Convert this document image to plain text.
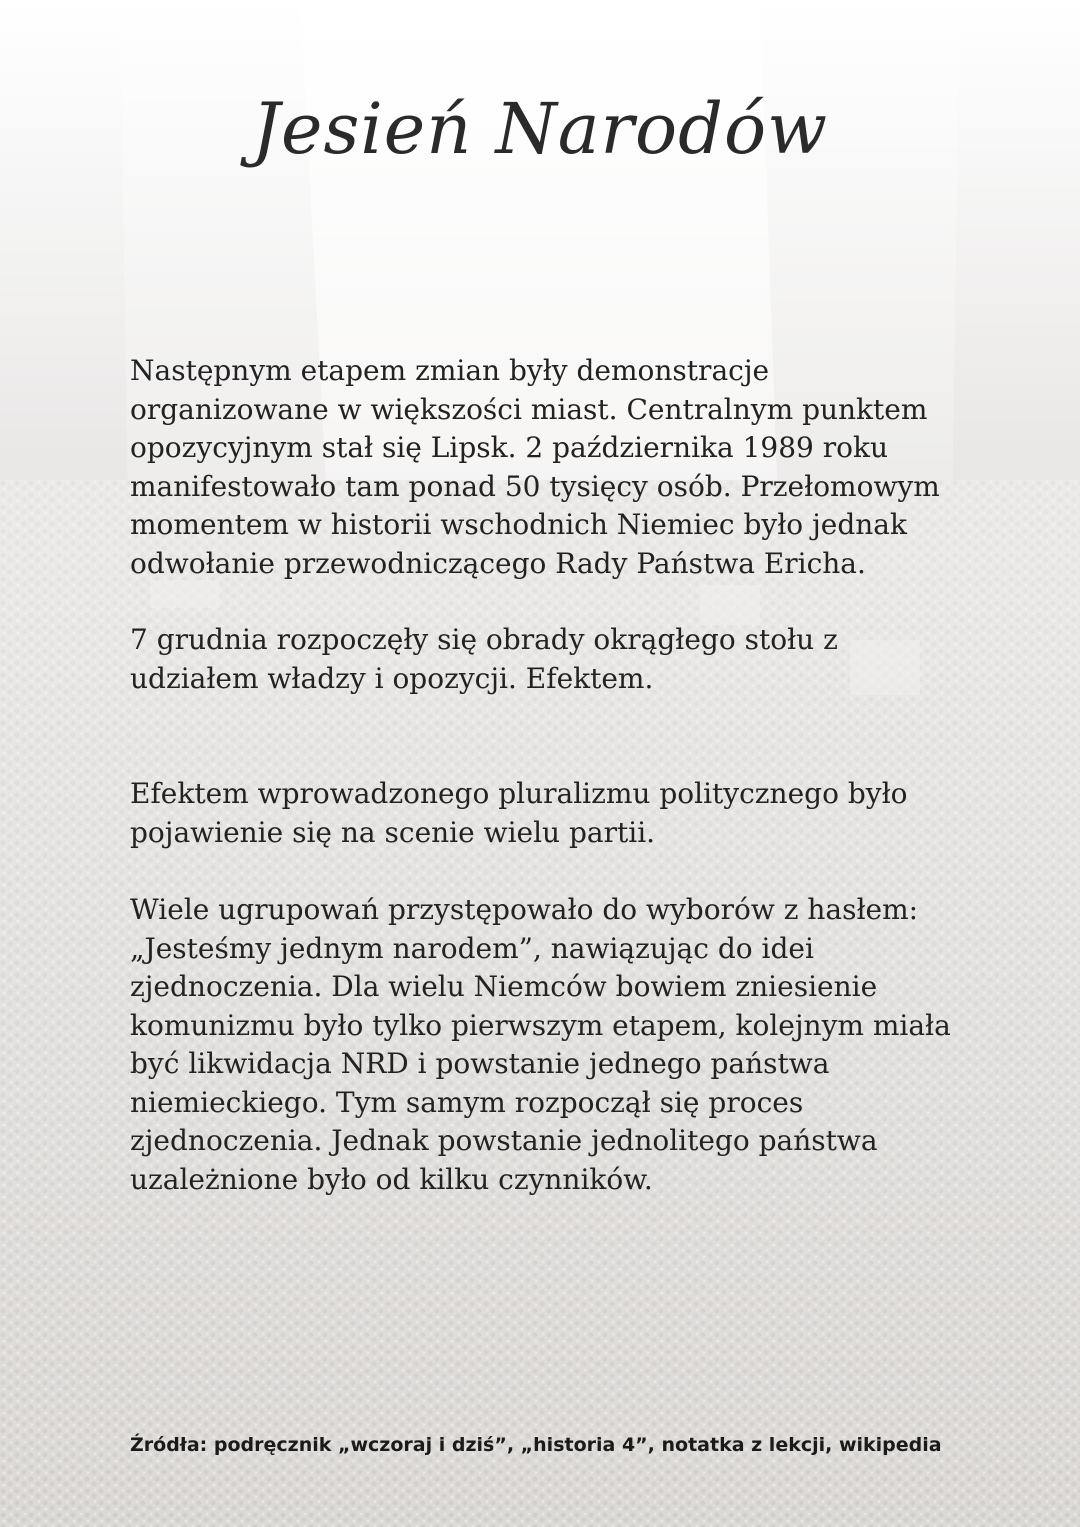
Jesień Narodów

Następnym etapem zmian były demonstracje organizowane w większości miast. Centralnym punktem opozycyjnym stał się Lipsk. 2 października 1989 roku manifestowało tam ponad 50 tysięcy osób. Przełomowym momentem w historii wschodnich Niemiec było jednak odwołanie przewodniczącego Rady Państwa Ericha.

7 grudnia rozpoczęły się obrady okrągłego stołu z udziałem władzy i opozycji. Efektem.

Efektem wprowadzonego pluralizmu politycznego było pojawienie się na scenie wielu partii.

Wiele ugrupowań przystępowało do wyborów z hasłem: „Jesteśmy jednym narodem”, nawiązując do idei zjednoczenia. Dla wielu Niemców bowiem zniesienie komunizmu było tylko pierwszym etapem, kolejnym miała być likwidacja NRD i powstanie jednego państwa niemieckiego. Tym samym rozpoczął się proces zjednoczenia. Jednak powstanie jednolitego państwa uzależnione było od kilku czynników.

Źródła: podręcznik „wczoraj i dziś”, „historia 4”, notatka z lekcji, wikipedia
